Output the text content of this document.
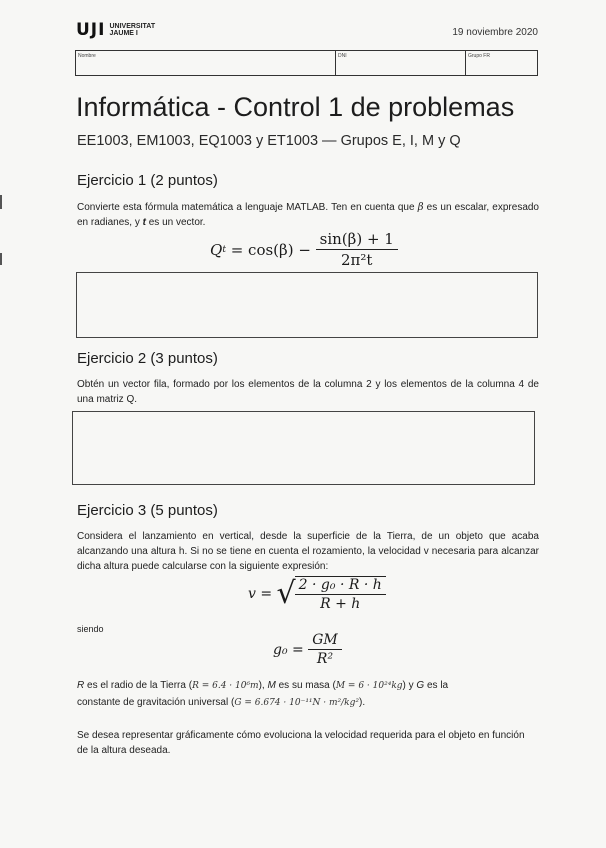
UJI UNIVERSITAT
JAUME I	19 noviembre 2020
Nombre	DNI	Grupo FR
Informática - Control 1 de problemas
EE1003, EM1003, EQ1003 y ET1003 — Grupos E, I, M y Q
Ejercicio 1 (2 puntos)
Convierte esta fórmula matemática a lenguaje MATLAB. Ten en cuenta que β es un escalar, expresado en radianes, y t es un vector.
Q $t = \cos(\beta) - \frac{\sin(\beta) + 1}{\text{2π²t}}$
Ejercicio 2 (3 puntos)
Obtén un vector fila, formado por los elementos de la columna 2 y los elementos de la columna 4 de una matriz Q.
Ejercicio 3 (5 puntos)
Considera el lanzamiento en vertical, desde la superficie de la Tierra, de un objeto que acaba alcanzando una altura h. Si no se tiene en cuenta el rozamiento, la velocidad v necesaria para alcanzar dicha altura puede calcularse con la siguiente expresión:
v = √ $\frac{\text{2 · g₀ · R · h}}{R + h}$
siendo
$g_0 = \frac{GM}{\text{R²}}$
R es el radio de la Tierra (R = 6.4 · 10⁶m), M es su masa (M = 6 · 10²⁴kg) y G es la
constante de gravitación universal (G = 6.674 · 10⁻¹¹N · m²/kg²).
Se desea representar gráficamente cómo evoluciona la velocidad requerida para el objeto en función de la altura deseada.
